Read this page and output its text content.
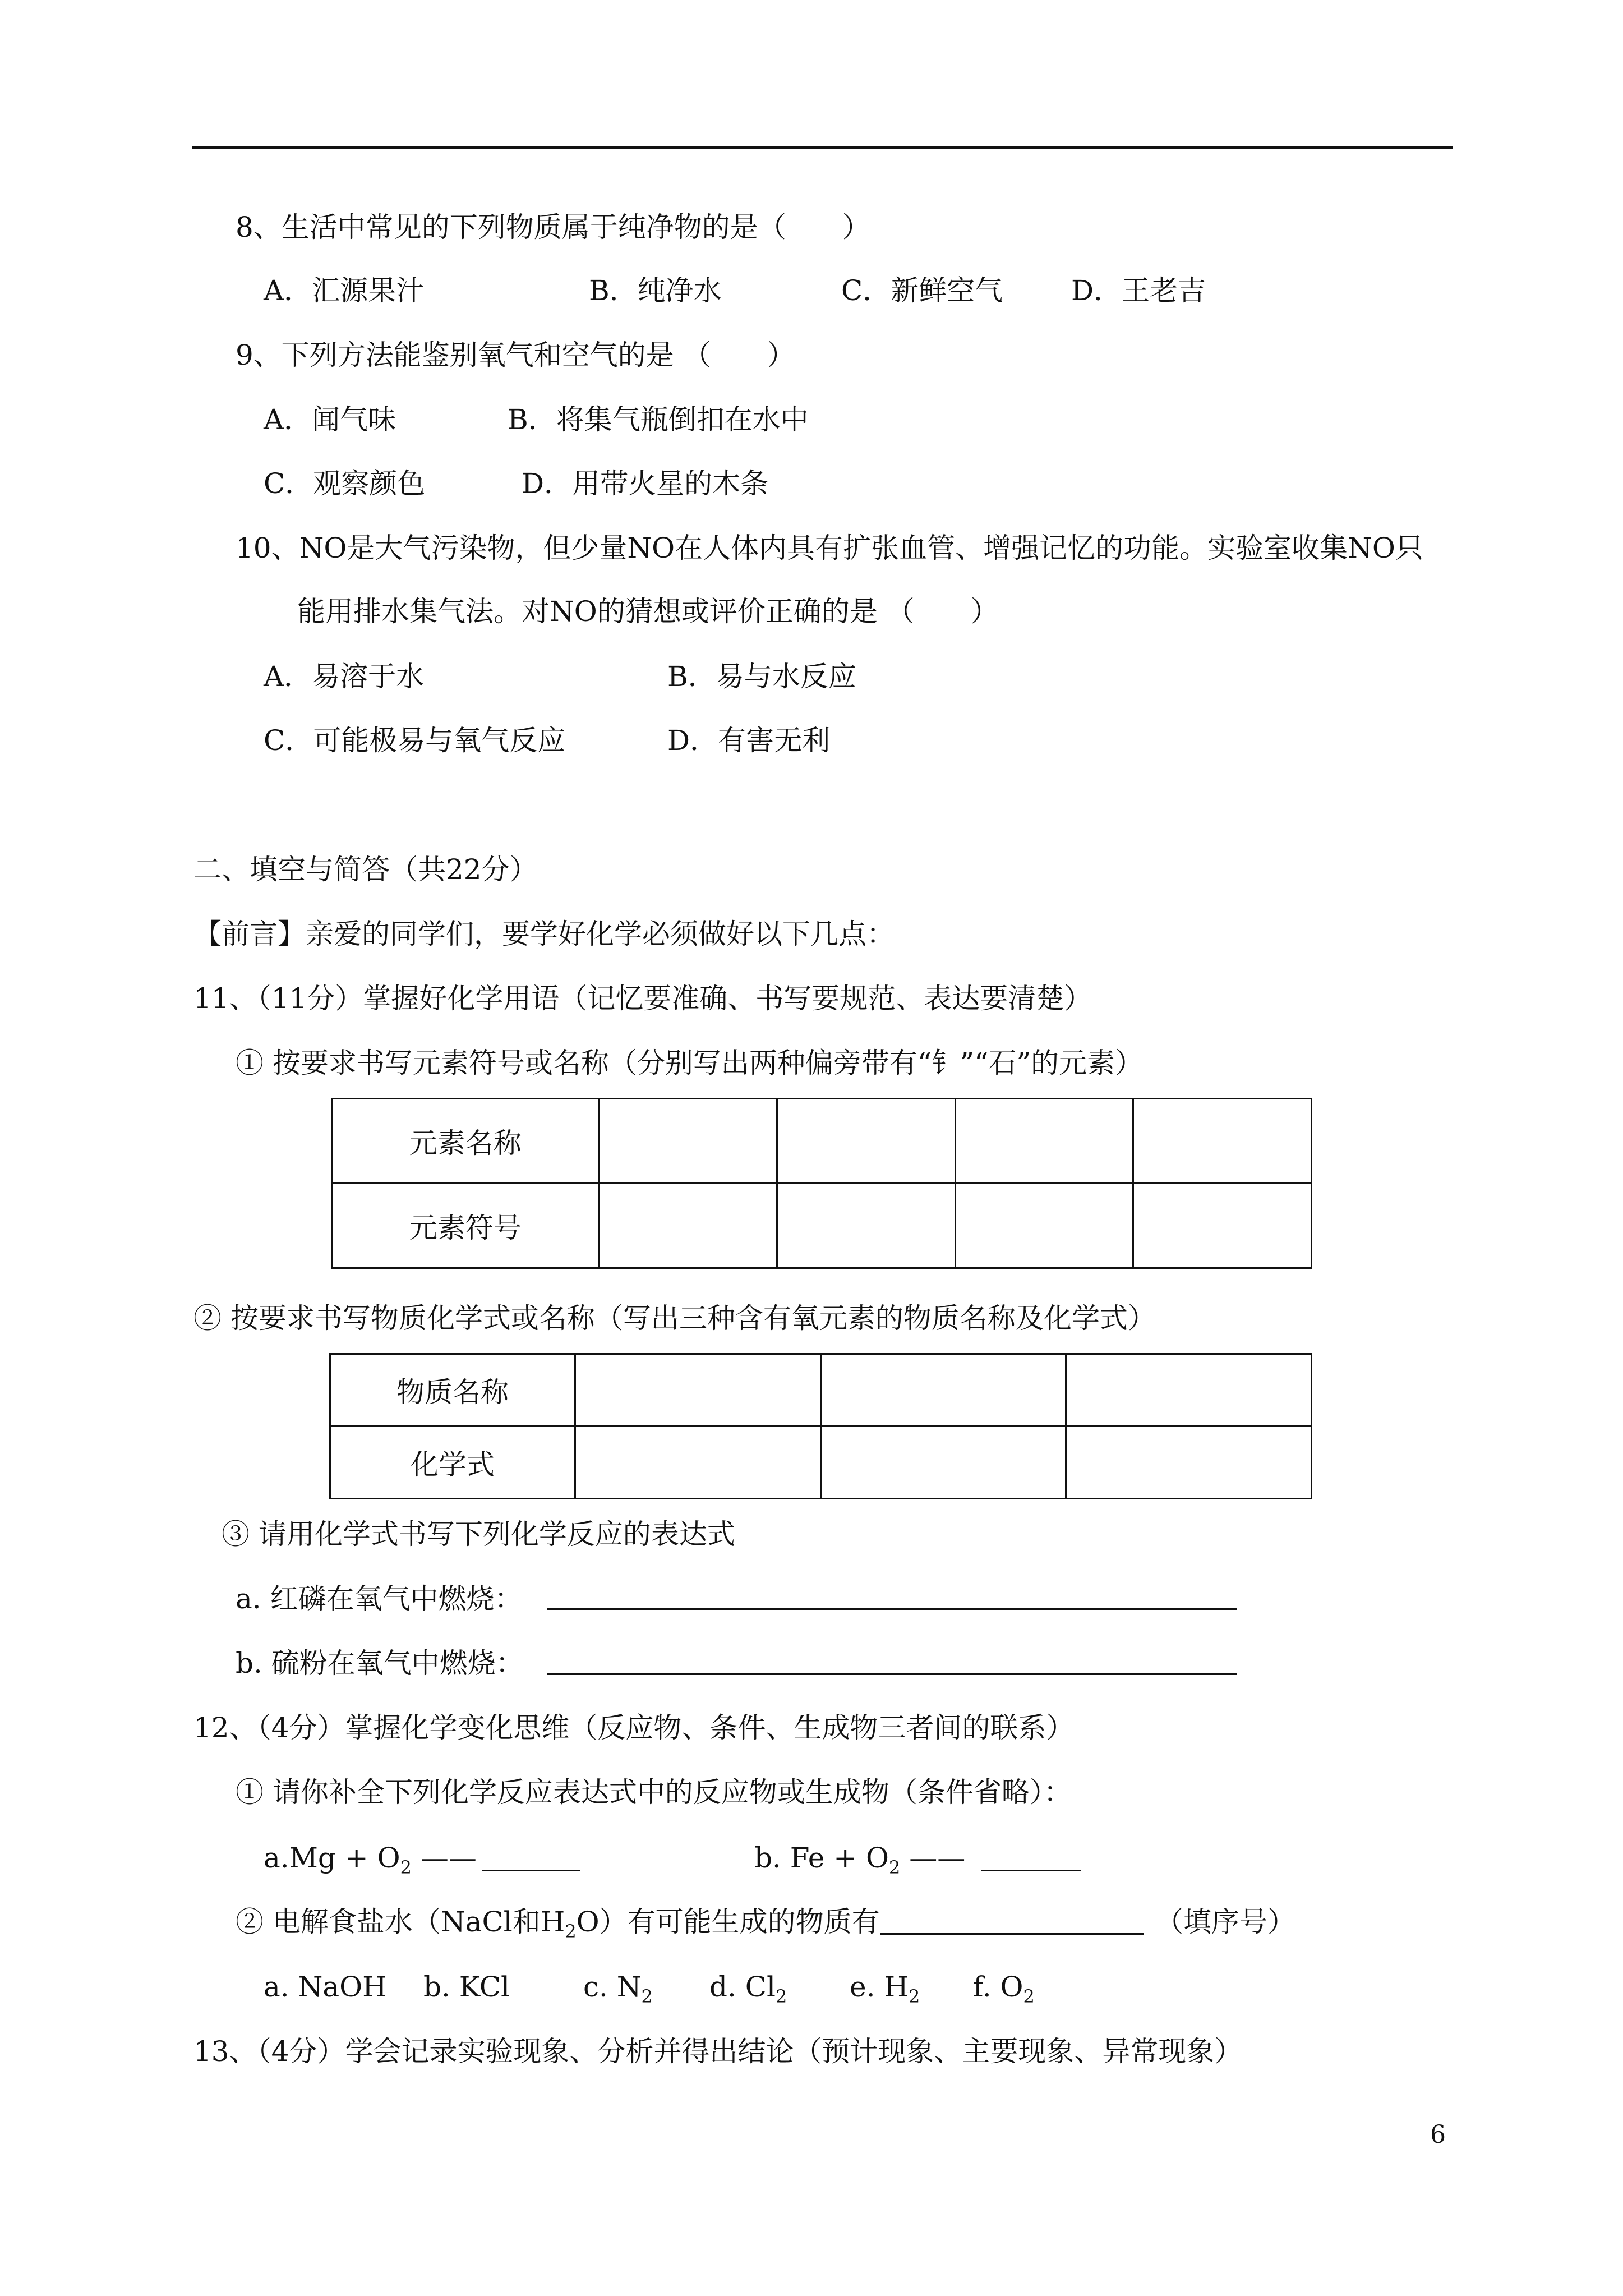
8、生活中常见的下列物质属于纯净物的是（　　）
A．汇源果汁	B．纯净水	C．新鲜空气 D．王老吉
9、下列方法能鉴别氧气和空气的是 （　　）
A．闻气味	B．将集气瓶倒扣在水中
C．观察颜色	D．用带火星的木条
10、NO是大气污染物，但少量NO在人体内具有扩张血管、增强记忆的功能。实验室收集NO只
能用排水集气法。对NO的猜想或评价正确的是 （　　）
A．易溶于水	B．易与水反应
C．可能极易与氧气反应	D．有害无利
二、填空与简答（共22分）
【前言】亲爱的同学们，要学好化学必须做好以下几点：
11、（11分）掌握好化学用语（记忆要准确、书写要规范、表达要清楚）
① 按要求书写元素符号或名称（分别写出两种偏旁带有“钅”“石”的元素）
元素名称				
元素符号				
② 按要求书写物质化学式或名称（写出三种含有氧元素的物质名称及化学式）
物质名称			
化学式			
③ 请用化学式书写下列化学反应的表达式
a. 红磷在氧气中燃烧：
b. 硫粉在氧气中燃烧：
12、（4分）掌握化学变化思维（反应物、条件、生成物三者间的联系）
① 请你补全下列化学反应表达式中的反应物或生成物（条件省略）：
$a.Mg + O_2$ ——	b. $Fe + O_2$ ——
② 电解食盐水（NaCl和$H_2O$）有可能生成的物质有	（填序号）
a. NaOH b. KCl	c. $N_2$ d. $Cl_2$ e. $H_2$ f. $O_2$
13、（4分）学会记录实验现象、分析并得出结论（预计现象、主要现象、异常现象）
6
